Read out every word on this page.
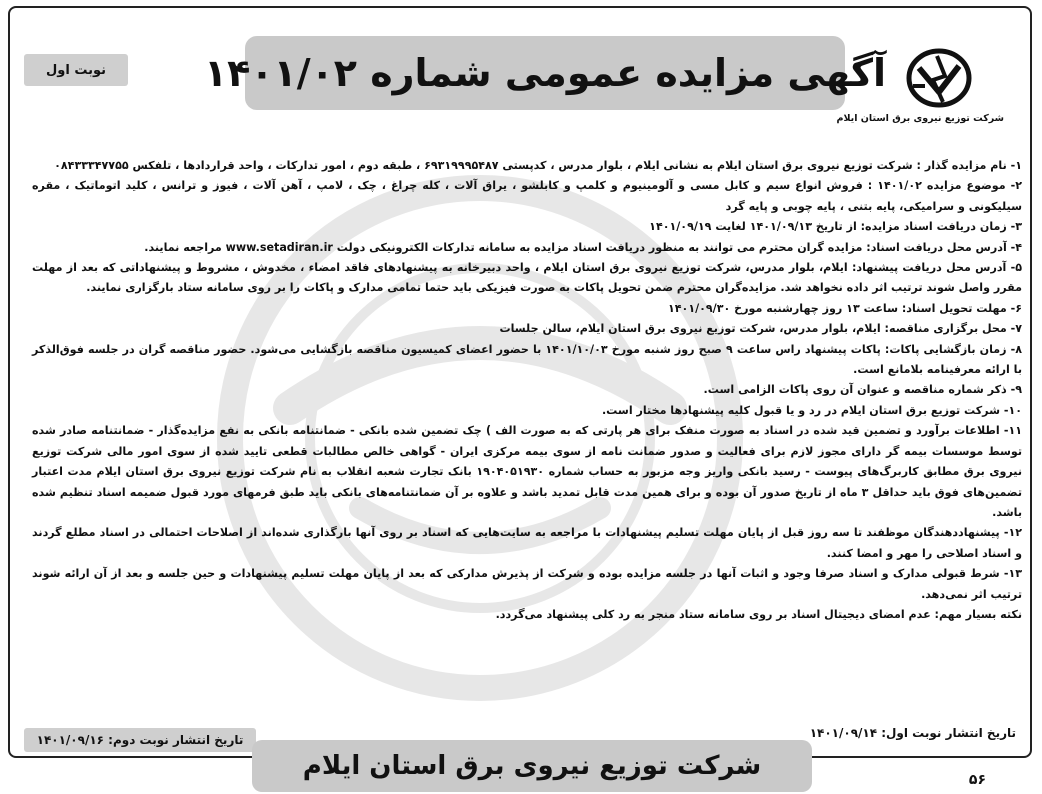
آگهی مزایده عمومی شماره ۱۴۰۱/۰۲
نوبت اول
شرکت توزیع نیروی برق استان ایلام

۱- نام مزایده گذار : شرکت توزیع نیروی برق استان ایلام به نشانی ایلام ، بلوار مدرس ، کدپستی ۶۹۳۱۹۹۹۵۴۸۷ ، طبقه دوم ، امور تدارکات ، واحد قراردادها ، تلفکس ۰۸۴۳۳۳۴۷۷۵۵

۲- موضوع مزایده ۱۴۰۱/۰۲ : فروش انواع سیم و کابل مسی و آلومینیوم و کلمپ و کابلشو ، یراق آلات ، کله چراغ ، چک ، لامپ ، آهن آلات ، فیوز و ترانس ، کلید اتوماتیک ، مقره سیلیکونی و سرامیکی، پایه بتنی ، پایه چوبی و پایه گرد

۳- زمان دریافت اسناد مزایده: از تاریخ ۱۴۰۱/۰۹/۱۳ لغایت ۱۴۰۱/۰۹/۱۹

۴- آدرس محل دریافت اسناد: مزایده گران محترم می توانند به منظور دریافت اسناد مزایده به سامانه تدارکات الکترونیکی دولت www.setadiran.ir مراجعه نمایند.

۵- آدرس محل دریافت پیشنهاد: ایلام، بلوار مدرس، شرکت توزیع نیروی برق استان ایلام ، واحد دبیرخانه به پیشنهادهای فاقد امضاء ، مخدوش ، مشروط و پیشنهاداتی که بعد از مهلت مقرر واصل شوند ترتیب اثر داده نخواهد شد. مزایده‌گران محترم ضمن تحویل پاکات به صورت فیزیکی باید حتما تمامی مدارک و پاکات را بر روی سامانه ستاد بارگزاری نمایند.

۶- مهلت تحویل اسناد: ساعت ۱۳ روز چهارشنبه مورخ ۱۴۰۱/۰۹/۳۰

۷- محل برگزاری مناقصه: ایلام، بلوار مدرس، شرکت توزیع نیروی برق استان ایلام، سالن جلسات

۸- زمان بازگشایی پاکات: پاکات پیشنهاد راس ساعت ۹ صبح روز شنبه مورخ ۱۴۰۱/۱۰/۰۳ با حضور اعضای کمیسیون مناقصه بازگشایی می‌شود. حضور مناقصه گران در جلسه فوق‌الذکر با ارائه معرفینامه بلامانع است.

۹- ذکر شماره مناقصه و عنوان آن روی پاکات الزامی است.

۱۰- شرکت توزیع برق استان ایلام در رد و یا قبول کلیه پیشنهادها مختار است.

۱۱- اطلاعات برآورد و تضمین قید شده در اسناد به صورت منفک برای هر پارتی که به صورت الف ) چک تضمین شده بانکی - ضمانتنامه بانکی به نفع مزایده‌گذار - ضمانتنامه صادر شده توسط موسسات بیمه گر دارای مجوز لازم برای فعالیت و صدور ضمانت نامه از سوی بیمه مرکزی ایران - گواهی خالص مطالبات قطعی تایید شده از سوی امور مالی شرکت توزیع نیروی برق مطابق کاربرگ‌های پیوست - رسید بانکی واریز وجه مزبور به حساب شماره ۱۹۰۴۰۵۱۹۳۰ بانک تجارت شعبه انقلاب به نام شرکت توزیع نیروی برق استان ایلام مدت اعتبار تضمین‌های فوق باید حداقل ۳ ماه از تاریخ صدور آن بوده و برای همین مدت قابل تمدید باشد و علاوه بر آن ضمانتنامه‌های بانکی باید طبق فرمهای مورد قبول ضمیمه اسناد تنظیم شده باشد.

۱۲- پیشنهاددهندگان موظفند تا سه روز قبل از پایان مهلت تسلیم پیشنهادات با مراجعه به سایت‌هایی که اسناد بر روی آنها بارگذاری شده‌اند از اصلاحات احتمالی در اسناد مطلع گردند و اسناد اصلاحی را مهر و امضا کنند.

۱۳- شرط قبولی مدارک و اسناد صرفا وجود و اثبات آنها در جلسه مزایده بوده و شرکت از پذیرش مدارکی که بعد از پایان مهلت تسلیم پیشنهادات و حین جلسه و بعد از آن ارائه شوند ترتیب اثر نمی‌دهد.

نکته بسیار مهم: عدم امضای دیجیتال اسناد بر روی سامانه ستاد منجر به رد کلی پیشنهاد می‌گردد.

تاریخ انتشار نوبت اول: ۱۴۰۱/۰۹/۱۴
تاریخ انتشار نوبت دوم: ۱۴۰۱/۰۹/۱۶
شرکت توزیع نیروی برق استان ایلام	۵۶
